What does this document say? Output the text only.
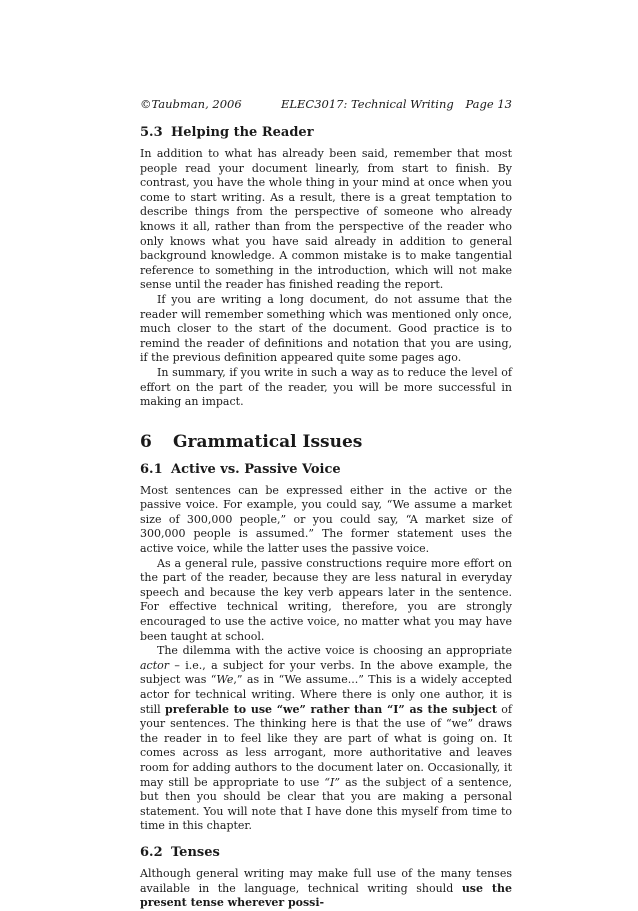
©Taubman, 2006	ELEC3017: Technical Writing Page 13
5.3 Helping the Reader

In addition to what has already been said, remember that most people read your document linearly, from start to finish. By contrast, you have the whole thing in your mind at once when you come to start writing. As a result, there is a great temptation to describe things from the perspective of someone who already knows it all, rather than from the perspective of the reader who only knows what you have said already in addition to general background knowledge. A common mistake is to make tangential reference to something in the introduction, which will not make sense until the reader has finished reading the report.

If you are writing a long document, do not assume that the reader will remember something which was mentioned only once, much closer to the start of the document. Good practice is to remind the reader of definitions and notation that you are using, if the previous definition appeared quite some pages ago.

In summary, if you write in such a way as to reduce the level of effort on the part of the reader, you will be more successful in making an impact.

6 Grammatical Issues
6.1 Active vs. Passive Voice

Most sentences can be expressed either in the active or the passive voice. For example, you could say, “We assume a market size of 300,000 people,” or you could say, “A market size of 300,000 people is assumed.” The former statement uses the active voice, while the latter uses the passive voice.

As a general rule, passive constructions require more effort on the part of the reader, because they are less natural in everyday speech and because the key verb appears later in the sentence. For effective technical writing, therefore, you are strongly encouraged to use the active voice, no matter what you may have been taught at school.

The dilemma with the active voice is choosing an appropriate actor – i.e., a subject for your verbs. In the above example, the subject was “We,” as in “We assume...” This is a widely accepted actor for technical writing. Where there is only one author, it is still preferable to use “we” rather than “I” as the subject of your sentences. The thinking here is that the use of “we” draws the reader in to feel like they are part of what is going on. It comes across as less arrogant, more authoritative and leaves room for adding authors to the document later on. Occasionally, it may still be appropriate to use “I” as the subject of a sentence, but then you should be clear that you are making a personal statement. You will note that I have done this myself from time to time in this chapter.

6.2 Tenses

Although general writing may make full use of the many tenses available in the language, technical writing should use the present tense wherever possi-
